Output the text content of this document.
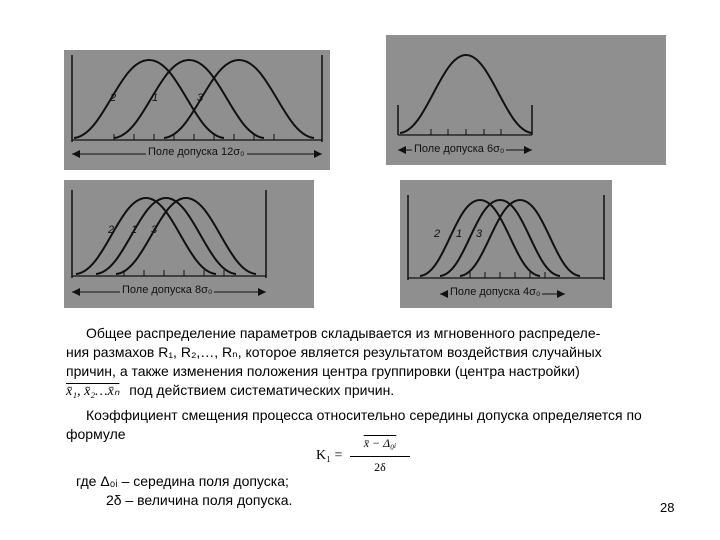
2	1	3
Поле допуска 12σ₀	Поле допуска 6σ₀
2 1 3
Поле допуска 8σ₀
2 1 3
Поле допуска 4σ₀
Общее распределение параметров складывается из мгновенного распределе-
ния размахов R₁, R₂,…, Rₙ, которое является результатом воздействия случайных
причин, а также изменения положения центра группировки (центра настройки)
x̄₁, x̄₂…x̄ₙ под действием систематических причин.
Коэффициент смещения процесса относительно середины допуска определяется по
формуле
K₁ =
x̄ − Δ₀ᵢ
2δ
где Δ₀ᵢ – середина поля допуска;
2δ – величина поля допуска.	28
